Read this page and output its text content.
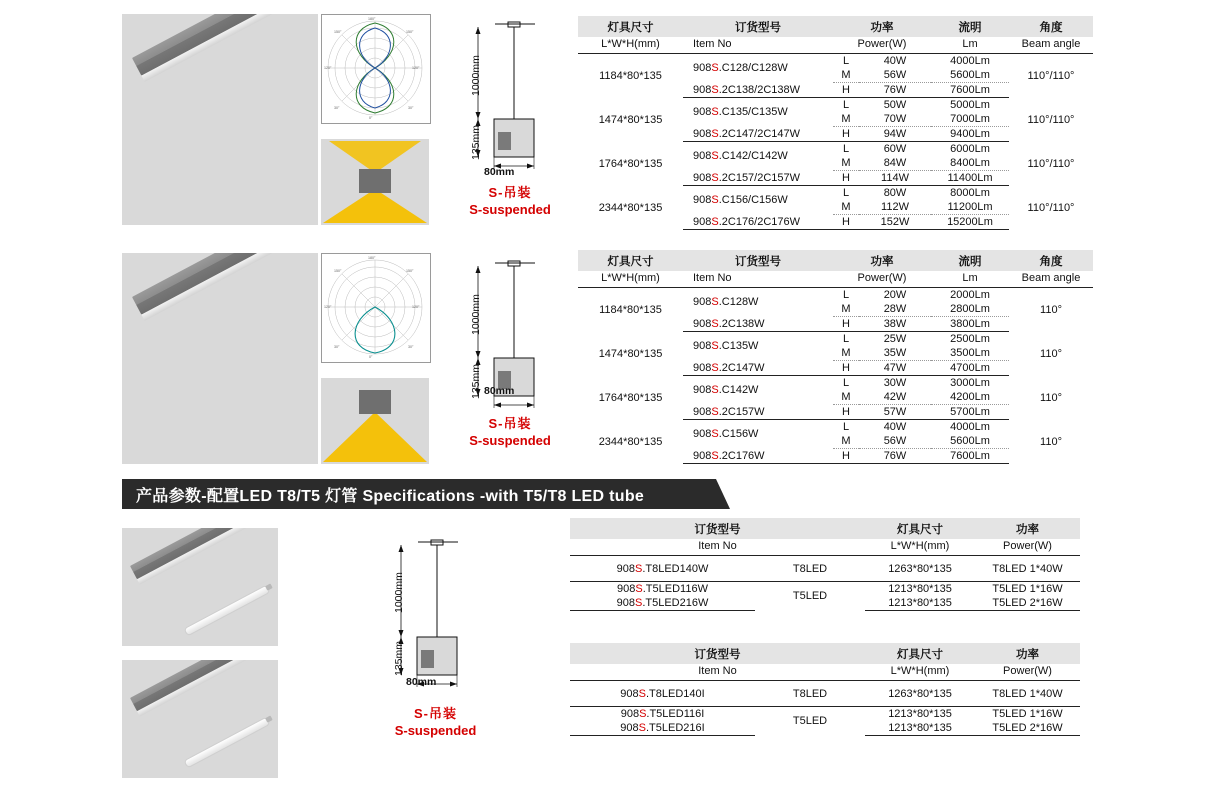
180°
150°	150°
120°	120°
30°	30°
0°
1000mm
135mm
80mm
S-吊装
S-suspended
灯具尺寸	订货型号	功率		流明	角度
L*W*H(mm)	Item No	Power(W)		Lm	Beam angle
1184*80*135	908S.C128/C128W	L	40W	4000Lm	110°/110°
		M	56W	5600Lm	
	908S.2C138/2C138W	H	76W	7600Lm	
1474*80*135	908S.C135/C135W	L	50W	5000Lm	110°/110°
		M	70W	7000Lm	
	908S.2C147/2C147W	H	94W	9400Lm	
1764*80*135	908S.C142/C142W	L	60W	6000Lm	110°/110°
		M	84W	8400Lm	
	908S.2C157/2C157W	H	114W	11400Lm	
2344*80*135	908S.C156/C156W	L	80W	8000Lm	110°/110°
		M	112W	11200Lm	
	908S.2C176/2C176W	H	152W	15200Lm	
180°
150°	150°
120°	120°
30°	30°
0°
1000mm
135mm 80mm
S-吊装
S-suspended
灯具尺寸	订货型号	功率		流明	角度
L*W*H(mm)	Item No	Power(W)		Lm	Beam angle
1184*80*135	908S.C128W	L	20W	2000Lm	110°
		M	28W	2800Lm	
	908S.2C138W	H	38W	3800Lm	
1474*80*135	908S.C135W	L	25W	2500Lm	110°
		M	35W	3500Lm	
	908S.2C147W	H	47W	4700Lm	
1764*80*135	908S.C142W	L	30W	3000Lm	110°
		M	42W	4200Lm	
	908S.2C157W	H	57W	5700Lm	
2344*80*135	908S.C156W	L	40W	4000Lm	110°
		M	56W	5600Lm	
	908S.2C176W	H	76W	7600Lm	
产品参数-配置LED T8/T5 灯管 Specifications -with T5/T8 LED tube
1000mm
135mm
80mm
S-吊装
S-suspended
订货型号		灯具尺寸	功率
Item No		L*W*H(mm)	Power(W)
908S.T8LED140W	T8LED	1263*80*135	T8LED 1*40W
908S.T5LED116W	T5LED	1213*80*135	T5LED 1*16W
908S.T5LED216W		1213*80*135	T5LED 2*16W
订货型号		灯具尺寸	功率
Item No		L*W*H(mm)	Power(W)
908S.T8LED140I	T8LED	1263*80*135	T8LED 1*40W
908S.T5LED116I	T5LED	1213*80*135	T5LED 1*16W
908S.T5LED216I		1213*80*135	T5LED 2*16W
